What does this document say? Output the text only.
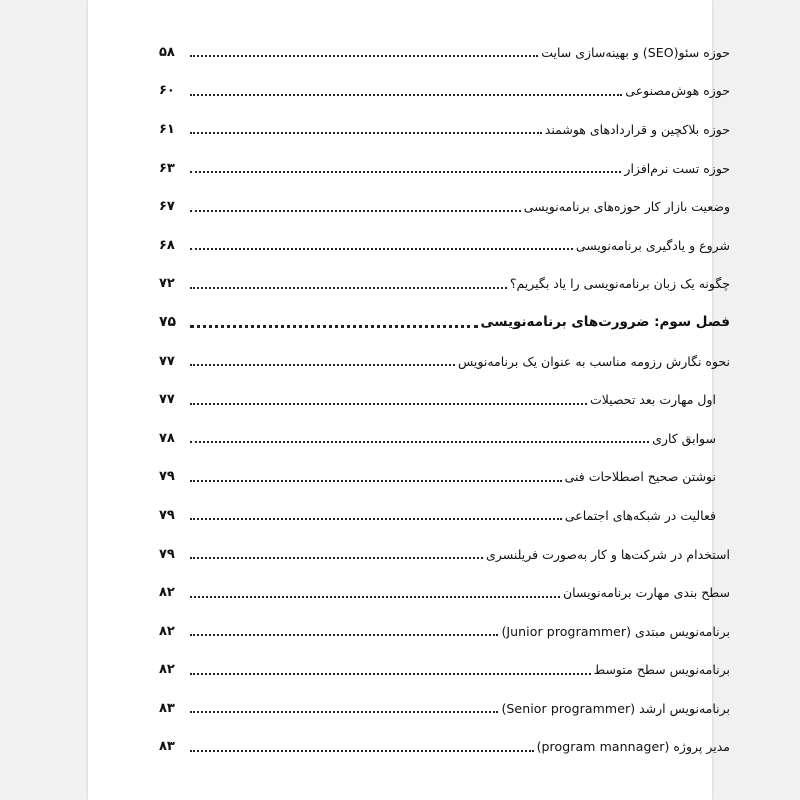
حوزه سئو(SEO) و بهینه‌سازی سایت
۵۸
حوزه هوش‌مصنوعی
۶۰
حوزه بلاکچین و قراردادهای هوشمند
۶۱
حوزه تست نرم‌افزار
۶۳
وضعیت بازار کار حوزه‌های برنامه‌نویسی
۶۷
شروع و یادگیری برنامه‌نویسی
۶۸
چگونه یک زبان برنامه‌نویسی را یاد بگیریم؟
۷۲
فصل سوم: ضرورت‌های برنامه‌نویسی
۷۵
نحوه نگارش رزومه مناسب به عنوان یک برنامه‌نویس
۷۷
اول مهارت بعد تحصیلات
۷۷
سوابق کاری
۷۸
نوشتن صحیح اصطلاحات فنی
۷۹
فعالیت در شبکه‌های اجتماعی
۷۹
استخدام در شرکت‌ها و کار به‌صورت فریلنسری
۷۹
سطح بندی مهارت برنامه‌نویسان
۸۲
برنامه‌نویس مبتدی (Junior programmer)
۸۲
برنامه‌نویس سطح متوسط
۸۲
برنامه‌نویس ارشد (Senior programmer)
۸۳
مدیر پروژه (program mannager)
۸۳
